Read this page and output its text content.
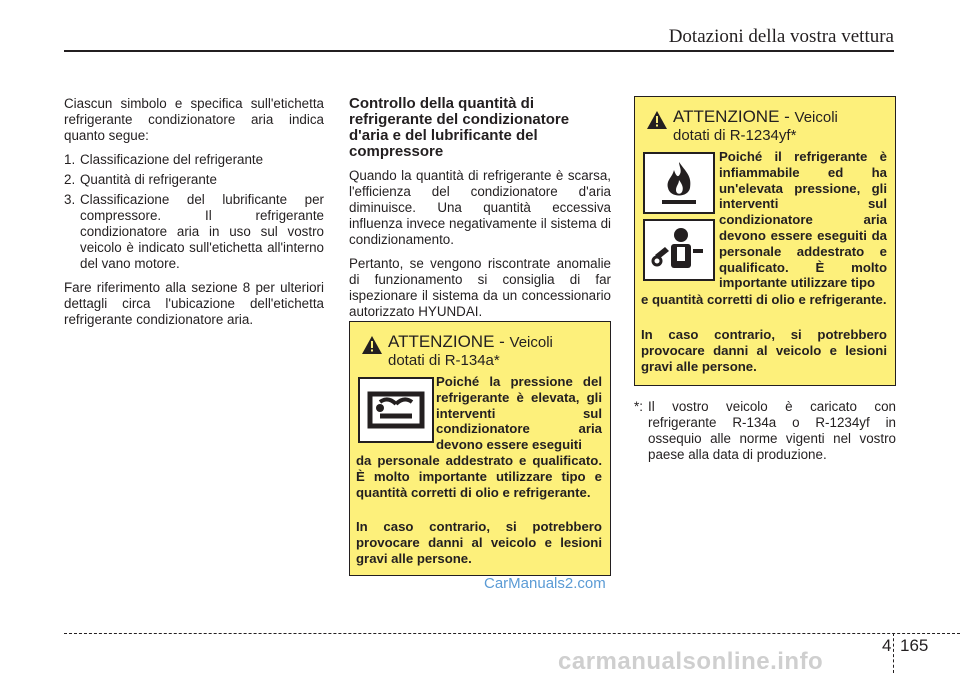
Dotazioni della vostra vettura

Ciascun simbolo e specifica sull'etichetta refrigerante condizionatore aria indica quanto segue:

1. Classificazione del refrigerante
2. Quantità di refrigerante
3. Classificazione del lubrificante per compressore. Il refrigerante condizionatore aria in uso sul vostro veicolo è indicato sull'etichetta all'interno del vano motore.

Fare riferimento alla sezione 8 per ulteriori dettagli circa l'ubicazione dell'etichetta refrigerante condizionatore aria.

Controllo della quantità di refrigerante del condizionatore d'aria e del lubrificante del compressore

Quando la quantità di refrigerante è scarsa, l'efficienza del condizionatore d'aria diminuisce. Una quantità eccessiva influenza invece negativamente il sistema di condizionamento.

Pertanto, se vengono riscontrate anomalie di funzionamento si consiglia di far ispezionare il sistema da un concessionario autorizzato HYUNDAI.

ATTENZIONE - Veicoli
dotati di R-134a*
Poiché la pressione del refrigerante è elevata, gli interventi sul condizionatore aria devono essere eseguiti
da personale addestrato e qualificato. È molto importante utilizzare tipo e quantità corretti di olio e refrigerante.
In caso contrario, si potrebbero provocare danni al veicolo e lesioni gravi alle persone.
ATTENZIONE - Veicoli
dotati di R-1234yf*
Poiché il refrigerante è infiammabile ed ha un'elevata pressione, gli interventi sul condizionatore aria devono essere eseguiti da personale addestrato e qualificato. È molto importante utilizzare tipo
e quantità corretti di olio e refrigerante.
In caso contrario, si potrebbero provocare danni al veicolo e lesioni gravi alle persone.
*: Il vostro veicolo è caricato con refrigerante R-134a o R-1234yf in ossequio alle norme vigenti nel vostro paese alla data di produzione.
CarManuals2.com
4 165
carmanualsonline.info
